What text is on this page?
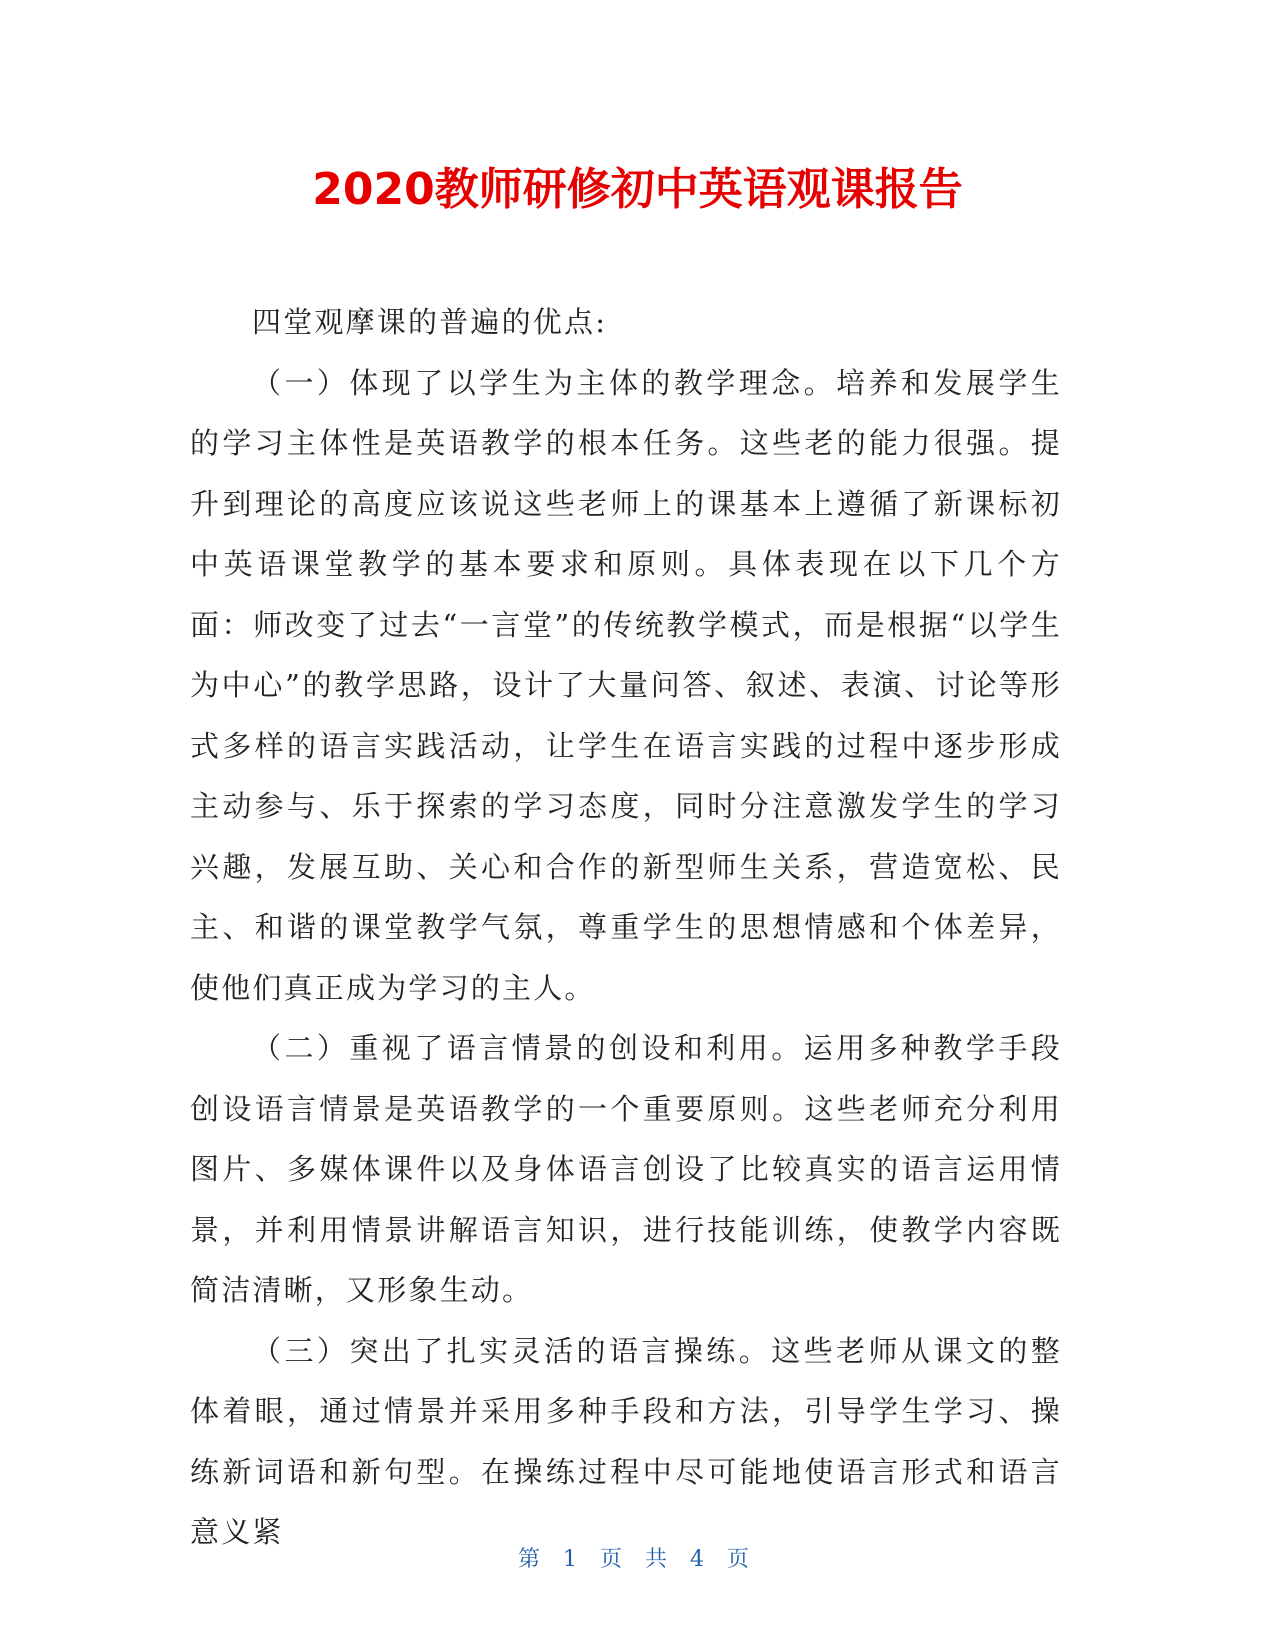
2020教师研修初中英语观课报告

四堂观摩课的普遍的优点:

（一）体现了以学生为主体的教学理念。培养和发展学生的学习主体性是英语教学的根本任务。这些老的能力很强。提升到理论的高度应该说这些老师上的课基本上遵循了新课标初中英语课堂教学的基本要求和原则。具体表现在以下几个方面：师改变了过去“一言堂”的传统教学模式，而是根据“以学生为中心”的教学思路，设计了大量问答、叙述、表演、讨论等形式多样的语言实践活动，让学生在语言实践的过程中逐步形成主动参与、乐于探索的学习态度，同时分注意激发学生的学习兴趣，发展互助、关心和合作的新型师生关系，营造宽松、民主、和谐的课堂教学气氛，尊重学生的思想情感和个体差异，使他们真正成为学习的主人。

（二）重视了语言情景的创设和利用。运用多种教学手段创设语言情景是英语教学的一个重要原则。这些老师充分利用图片、多媒体课件以及身体语言创设了比较真实的语言运用情景，并利用情景讲解语言知识，进行技能训练，使教学内容既简洁清晰，又形象生动。

（三）突出了扎实灵活的语言操练。这些老师从课文的整体着眼，通过情景并采用多种手段和方法，引导学生学习、操练新词语和新句型。在操练过程中尽可能地使语言形式和语言意义紧

第 1 页 共 4 页
